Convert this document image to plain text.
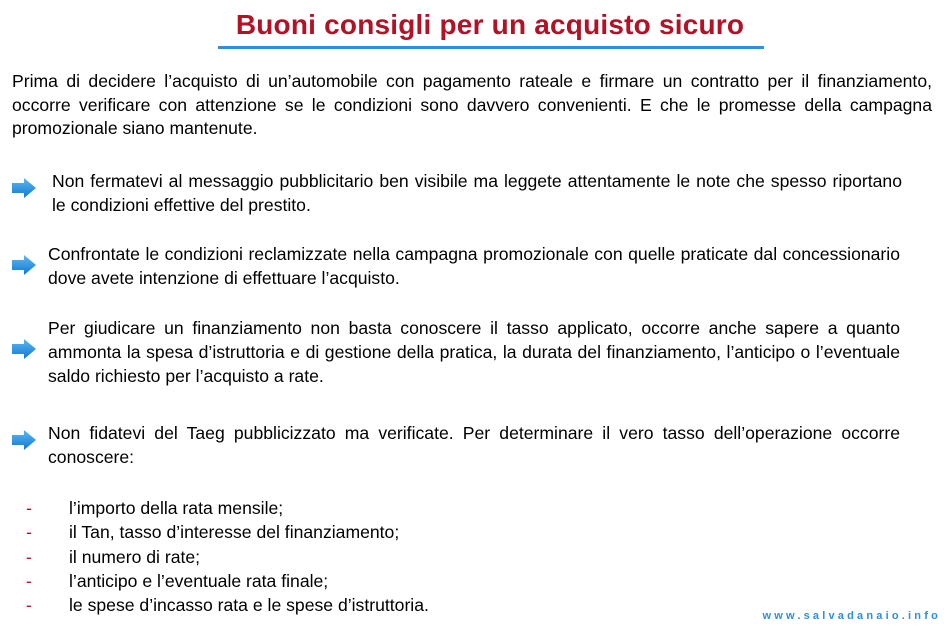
Buoni consigli per un acquisto sicuro
Prima di decidere l’acquisto di un’automobile con pagamento rateale e firmare un contratto per il finanziamento, occorre verificare con attenzione se le condizioni sono davvero convenienti. E che le promesse della campagna promozionale siano mantenute.
Non fermatevi al messaggio pubblicitario ben visibile ma leggete attentamente le note che spesso riportano le condizioni effettive del prestito.
Confrontate le condizioni reclamizzate nella campagna promozionale con quelle praticate dal concessionario dove avete intenzione di effettuare l’acquisto.
Per giudicare un finanziamento non basta conoscere il tasso applicato, occorre anche sapere a quanto ammonta la spesa d’istruttoria e di gestione della pratica, la durata del finanziamento, l’anticipo o l’eventuale saldo richiesto per l’acquisto a rate.
Non fidatevi del Taeg pubblicizzato ma verificate. Per determinare il vero tasso dell’operazione occorre conoscere:
- l’importo della rata mensile;
- il Tan, tasso d’interesse del finanziamento;
- il numero di rate;
- l’anticipo e l’eventuale rata finale;
- le spese d’incasso rata e le spese d’istruttoria.
www.salvadanaio.info
